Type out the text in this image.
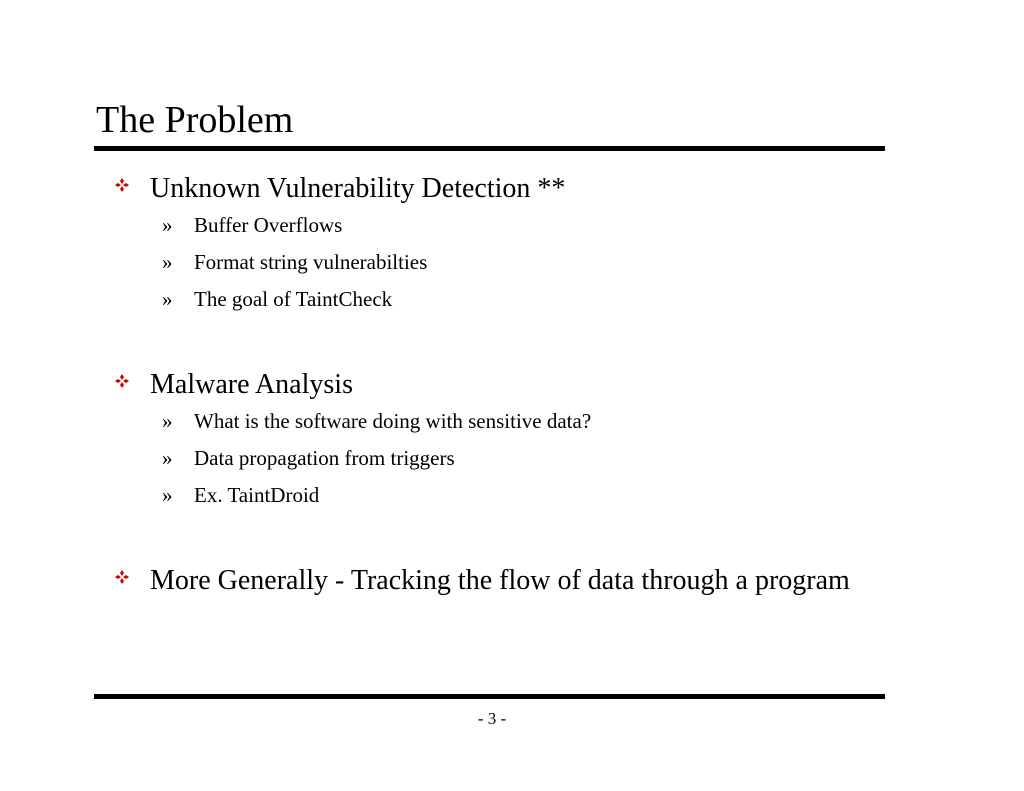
The Problem
Unknown Vulnerability Detection **
» Buffer Overflows
» Format string vulnerabilties
» The goal of TaintCheck
Malware Analysis
» What is the software doing with sensitive data?
» Data propagation from triggers
» Ex. TaintDroid
More Generally - Tracking the flow of data through a program
- 3 -
